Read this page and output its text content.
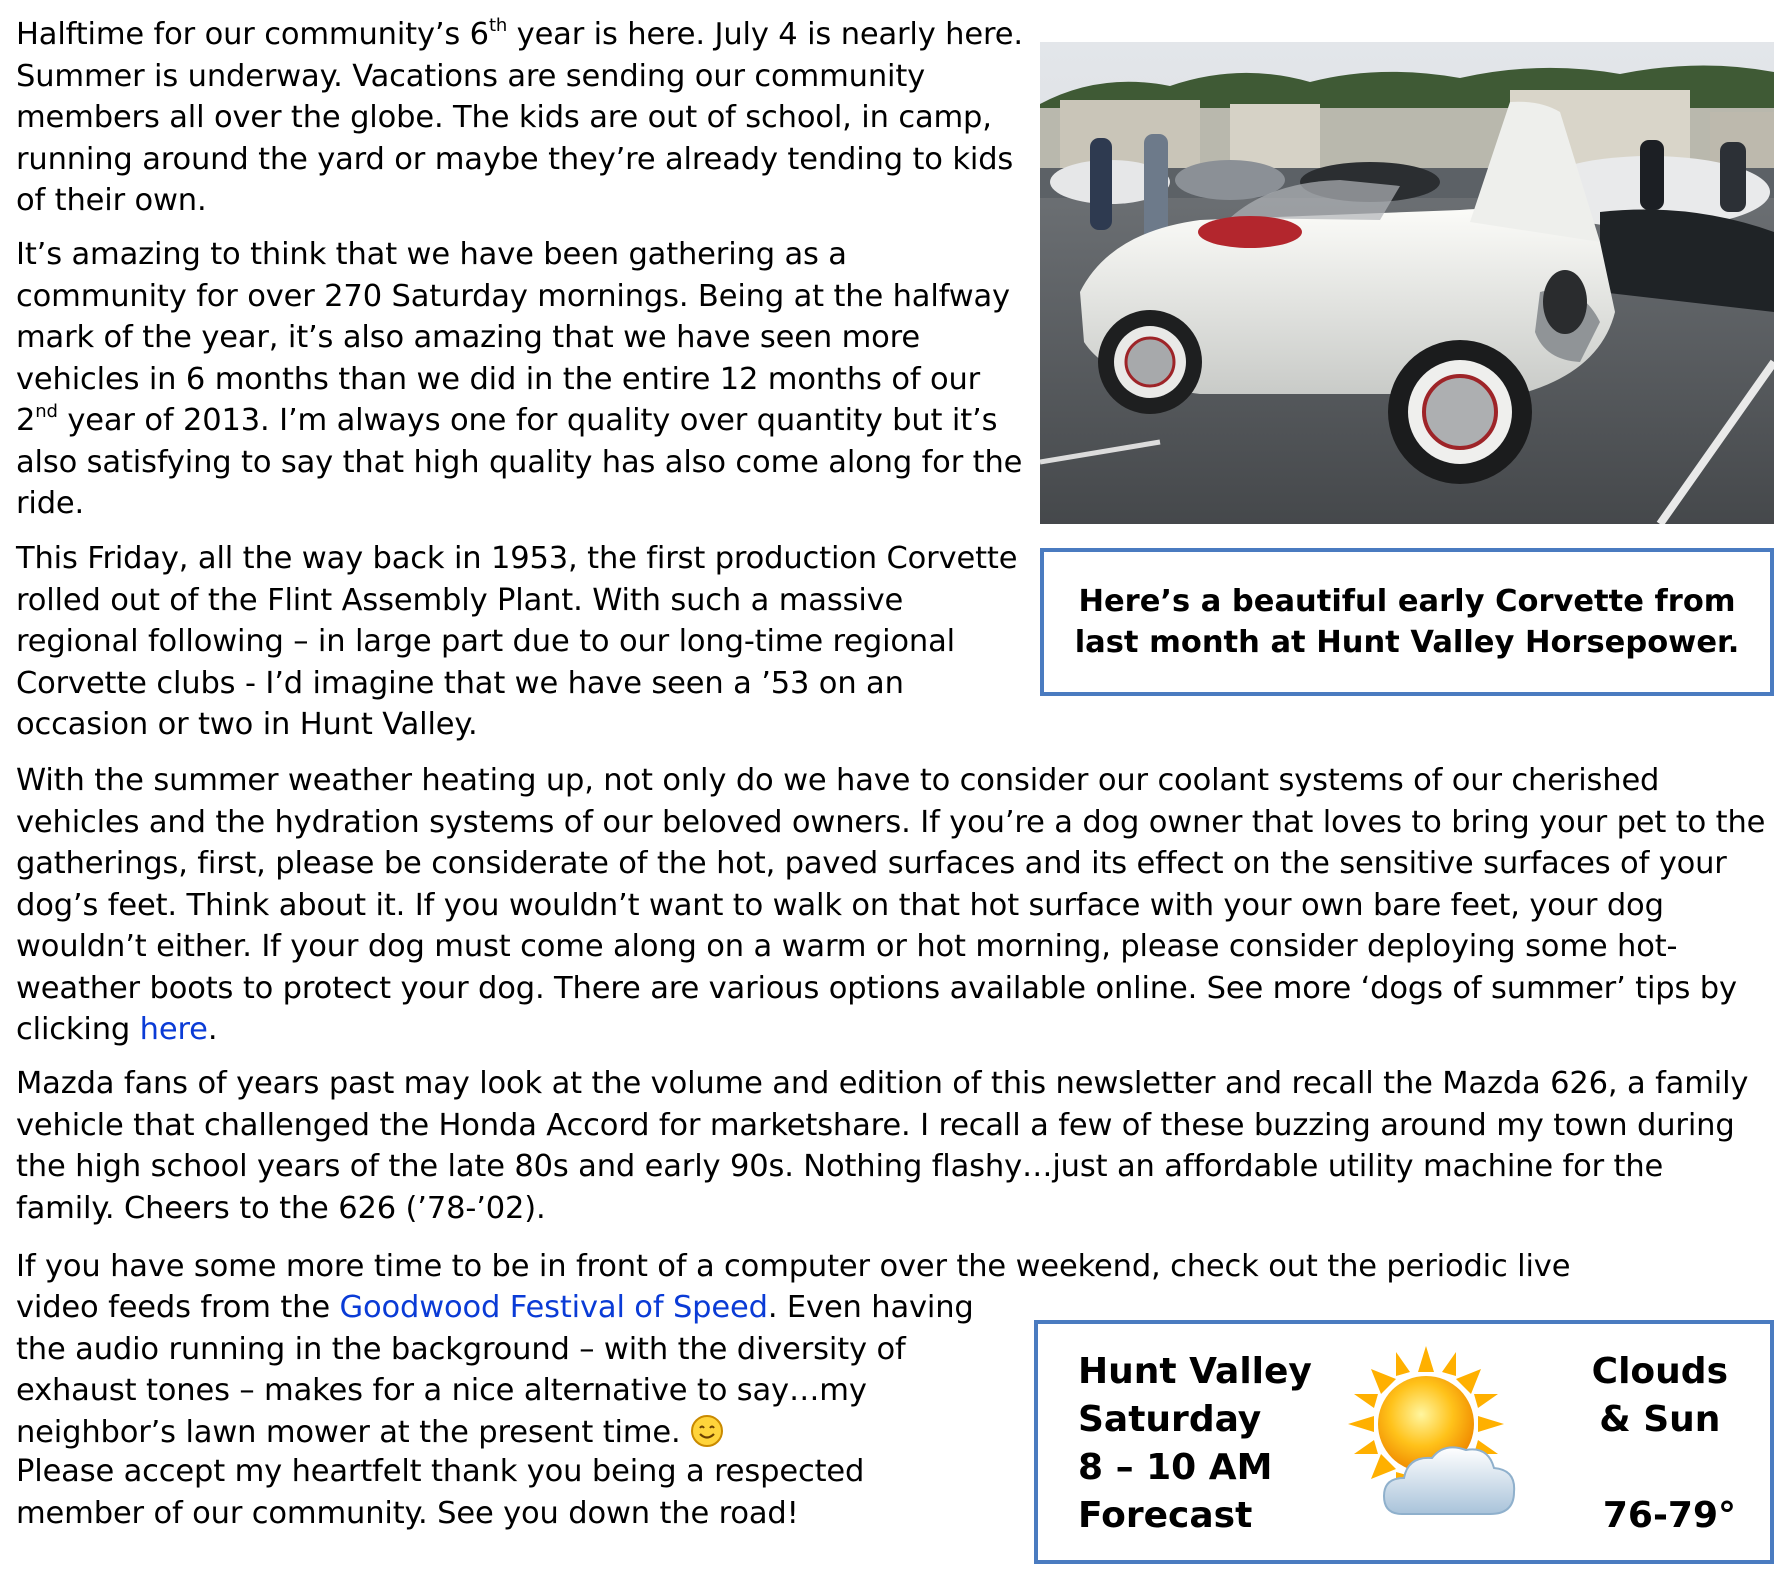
Halftime for our community’s 6th year is here. July 4 is nearly here. Summer is underway. Vacations are sending our community members all over the globe. The kids are out of school, in camp, running around the yard or maybe they’re already tending to kids of their own.

It’s amazing to think that we have been gathering as a community for over 270 Saturday mornings. Being at the halfway mark of the year, it’s also amazing that we have seen more vehicles in 6 months than we did in the entire 12 months of our 2nd year of 2013. I’m always one for quality over quantity but it’s also satisfying to say that high quality has also come along for the ride.

This Friday, all the way back in 1953, the first production Corvette rolled out of the Flint Assembly Plant. With such a massive regional following – in large part due to our long-time regional Corvette clubs - I’d imagine that we have seen a ’53 on an occasion or two in Hunt Valley.

Here’s a beautiful early Corvette from last month at Hunt Valley Horsepower.

With the summer weather heating up, not only do we have to consider our coolant systems of our cherished vehicles and the hydration systems of our beloved owners. If you’re a dog owner that loves to bring your pet to the gatherings, first, please be considerate of the hot, paved surfaces and its effect on the sensitive surfaces of your dog’s feet. Think about it. If you wouldn’t want to walk on that hot surface with your own bare feet, your dog wouldn’t either. If your dog must come along on a warm or hot morning, please consider deploying some hot-weather boots to protect your dog. There are various options available online. See more ‘dogs of summer’ tips by clicking here.

Mazda fans of years past may look at the volume and edition of this newsletter and recall the Mazda 626, a family vehicle that challenged the Honda Accord for marketshare. I recall a few of these buzzing around my town during the high school years of the late 80s and early 90s. Nothing flashy…just an affordable utility machine for the family. Cheers to the 626 (’78-’02).

If you have some more time to be in front of a computer over the weekend, check out the periodic live

video feeds from the Goodwood Festival of Speed. Even having the audio running in the background – with the diversity of exhaust tones – makes for a nice alternative to say…my neighbor’s lawn mower at the present time.

Please accept my heartfelt thank you being a respected member of our community. See you down the road!

Hunt Valley
Saturday
8 – 10 AM
Forecast
Clouds
& Sun
76-79°
